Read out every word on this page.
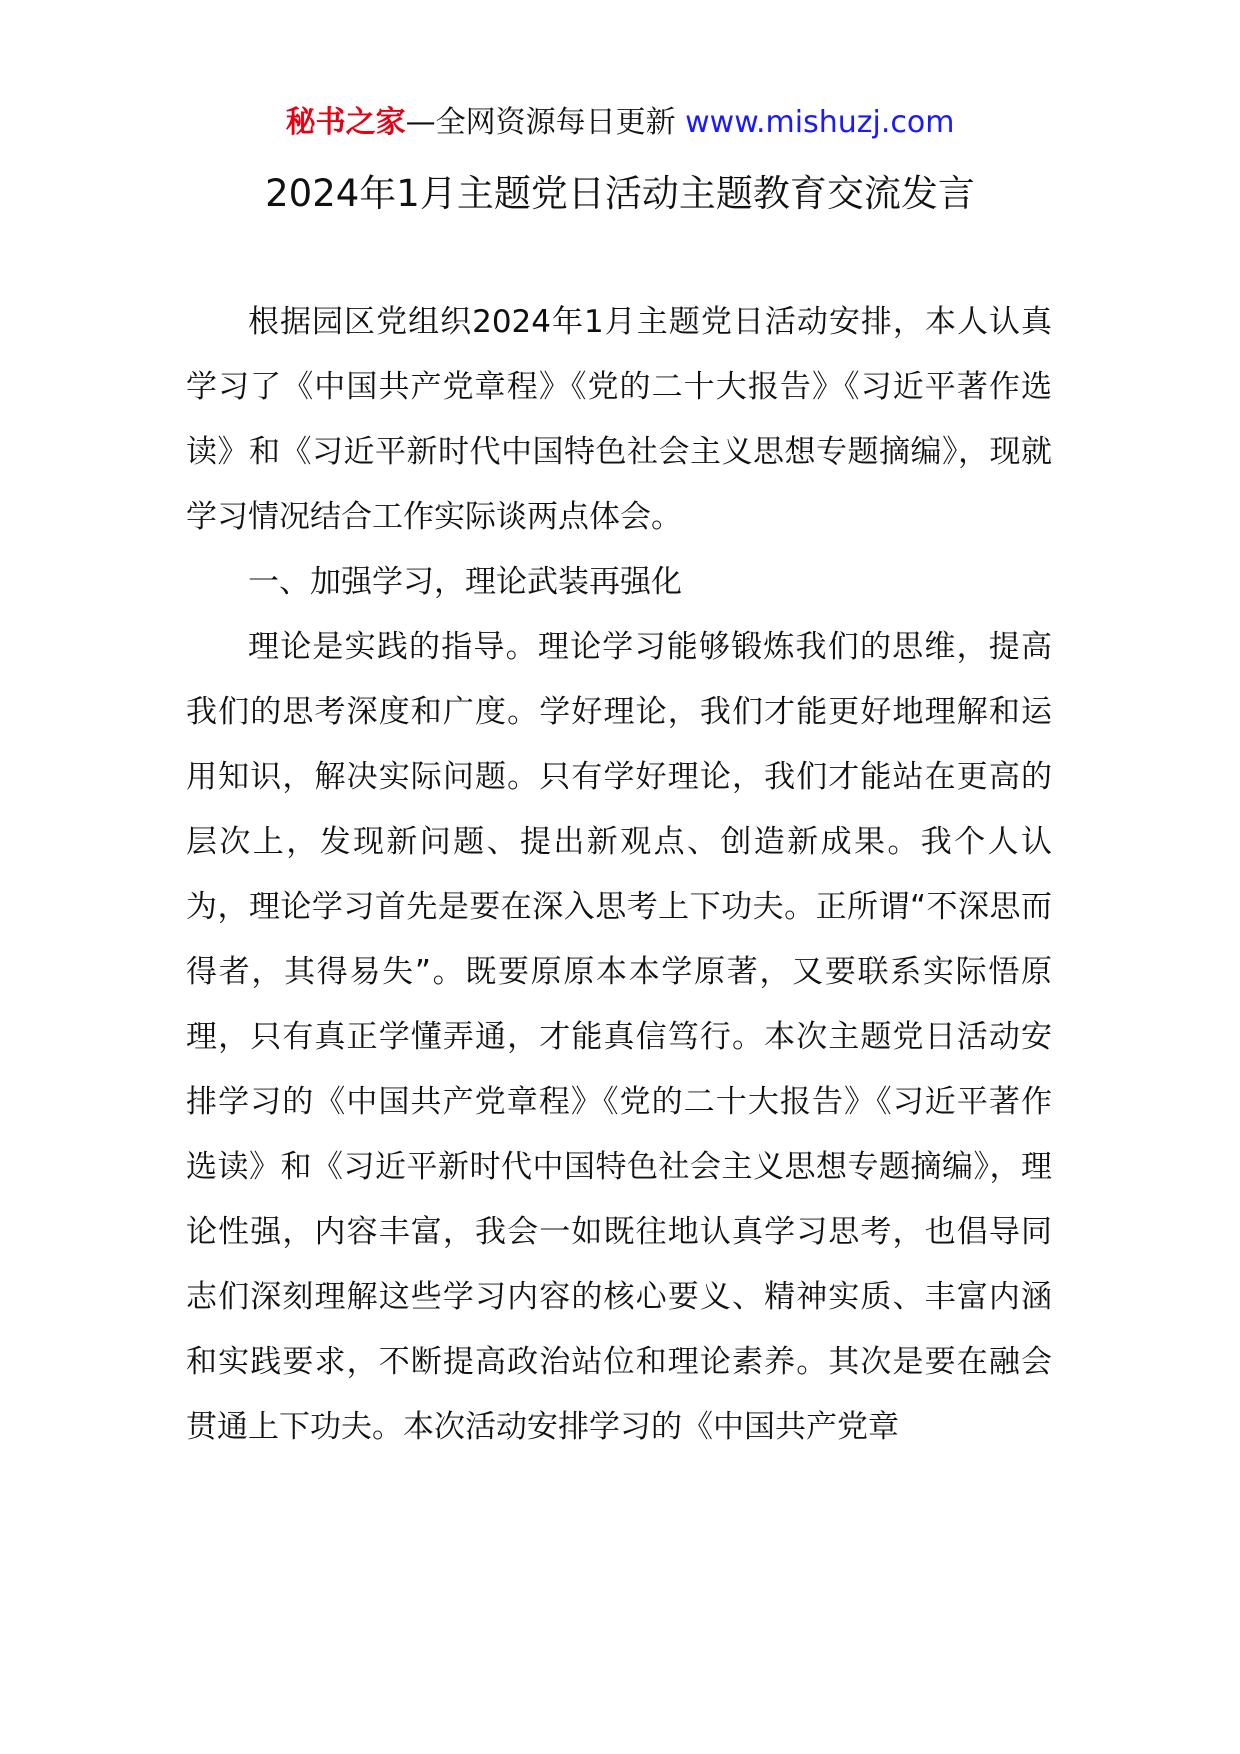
秘书之家—全网资源每日更新 www.mishuzj.com
2024年1月主题党日活动主题教育交流发言

根据园区党组织2024年1月主题党日活动安排，本人认真学习了《中国共产党章程》《党的二十大报告》《习近平著作选读》和《习近平新时代中国特色社会主义思想专题摘编》，现就学习情况结合工作实际谈两点体会。

一、加强学习，理论武装再强化

理论是实践的指导。理论学习能够锻炼我们的思维，提高我们的思考深度和广度。学好理论，我们才能更好地理解和运用知识，解决实际问题。只有学好理论，我们才能站在更高的层次上，发现新问题、提出新观点、创造新成果。我个人认为，理论学习首先是要在深入思考上下功夫。正所谓“不深思而得者，其得易失”。既要原原本本学原著，又要联系实际悟原理，只有真正学懂弄通，才能真信笃行。本次主题党日活动安排学习的《中国共产党章程》《党的二十大报告》《习近平著作选读》和《习近平新时代中国特色社会主义思想专题摘编》，理论性强，内容丰富，我会一如既往地认真学习思考，也倡导同志们深刻理解这些学习内容的核心要义、精神实质、丰富内涵和实践要求，不断提高政治站位和理论素养。其次是要在融会贯通上下功夫。本次活动安排学习的《中国共产党章
